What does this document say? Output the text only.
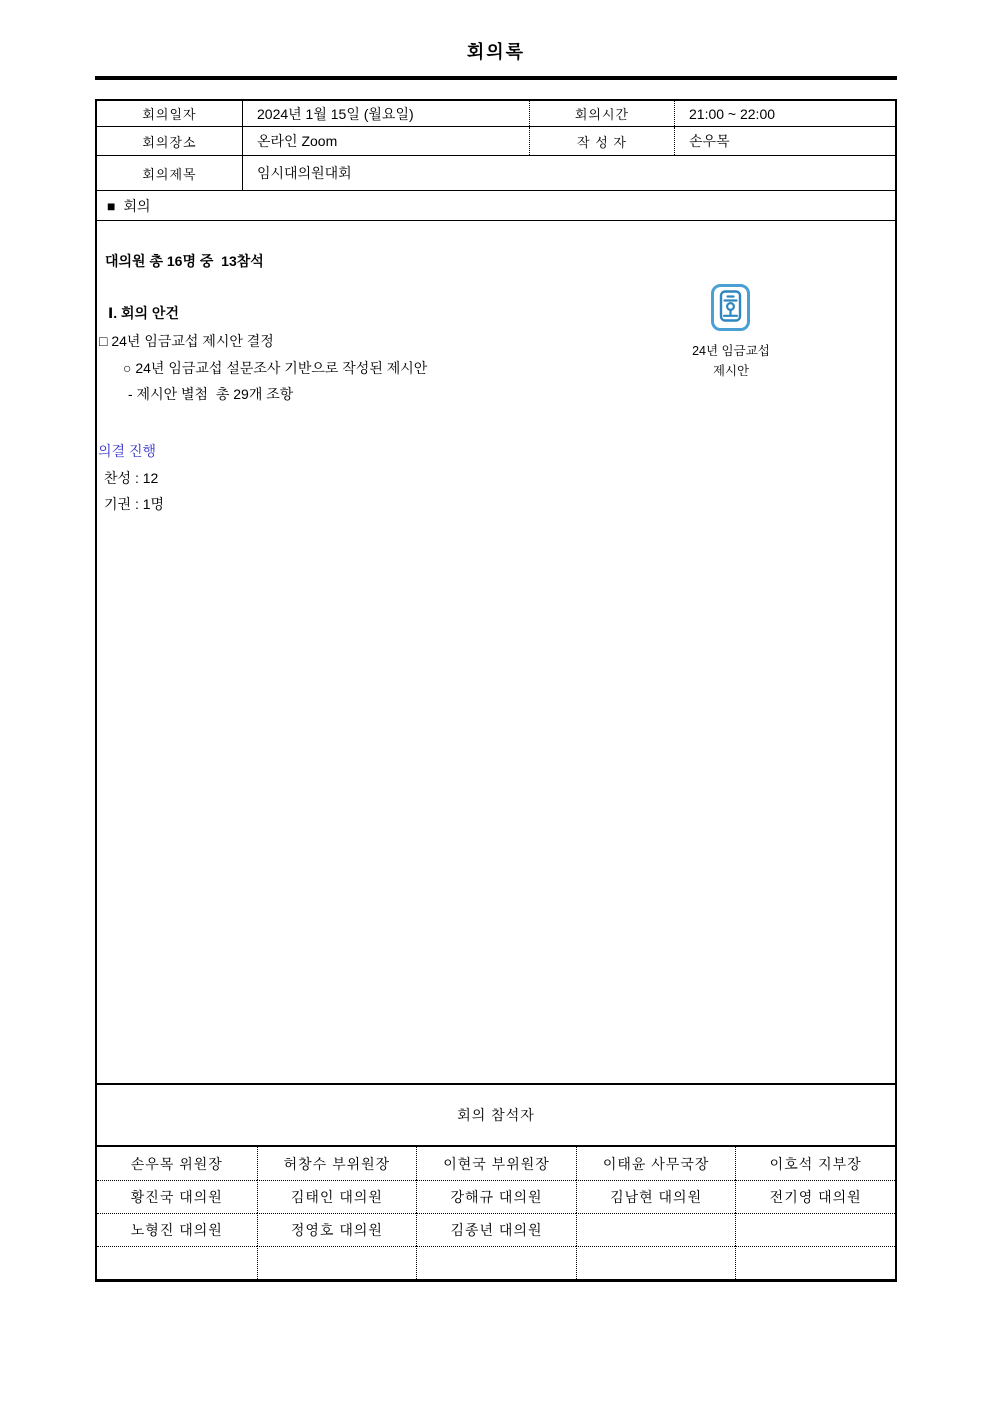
회의록
회의일자	2024년 1월 15일 (월요일)	회의시간	21:00 ~ 22:00
회의장소	온라인 Zoom	작 성 자	손우목
회의제목	임시대의원대회
■ 회의
대의원 총 16명 중  13참석
Ⅰ. 회의 안건
□ 24년 임금교섭 제시안 결정
○ 24년 임금교섭 설문조사 기반으로 작성된 제시안
- 제시안 별첨  총 29개 조항
의결 진행
찬성 : 12
기권 : 1명
24년 임금교섭
제시안
회의 참석자
손우목 위원장	허창수 부위원장	이현국 부위원장	이태윤 사무국장	이호석 지부장
황진국 대의원	김태인 대의원	강해규 대의원	김남현 대의원	전기영 대의원
노형진 대의원	정영호 대의원	김종년 대의원
